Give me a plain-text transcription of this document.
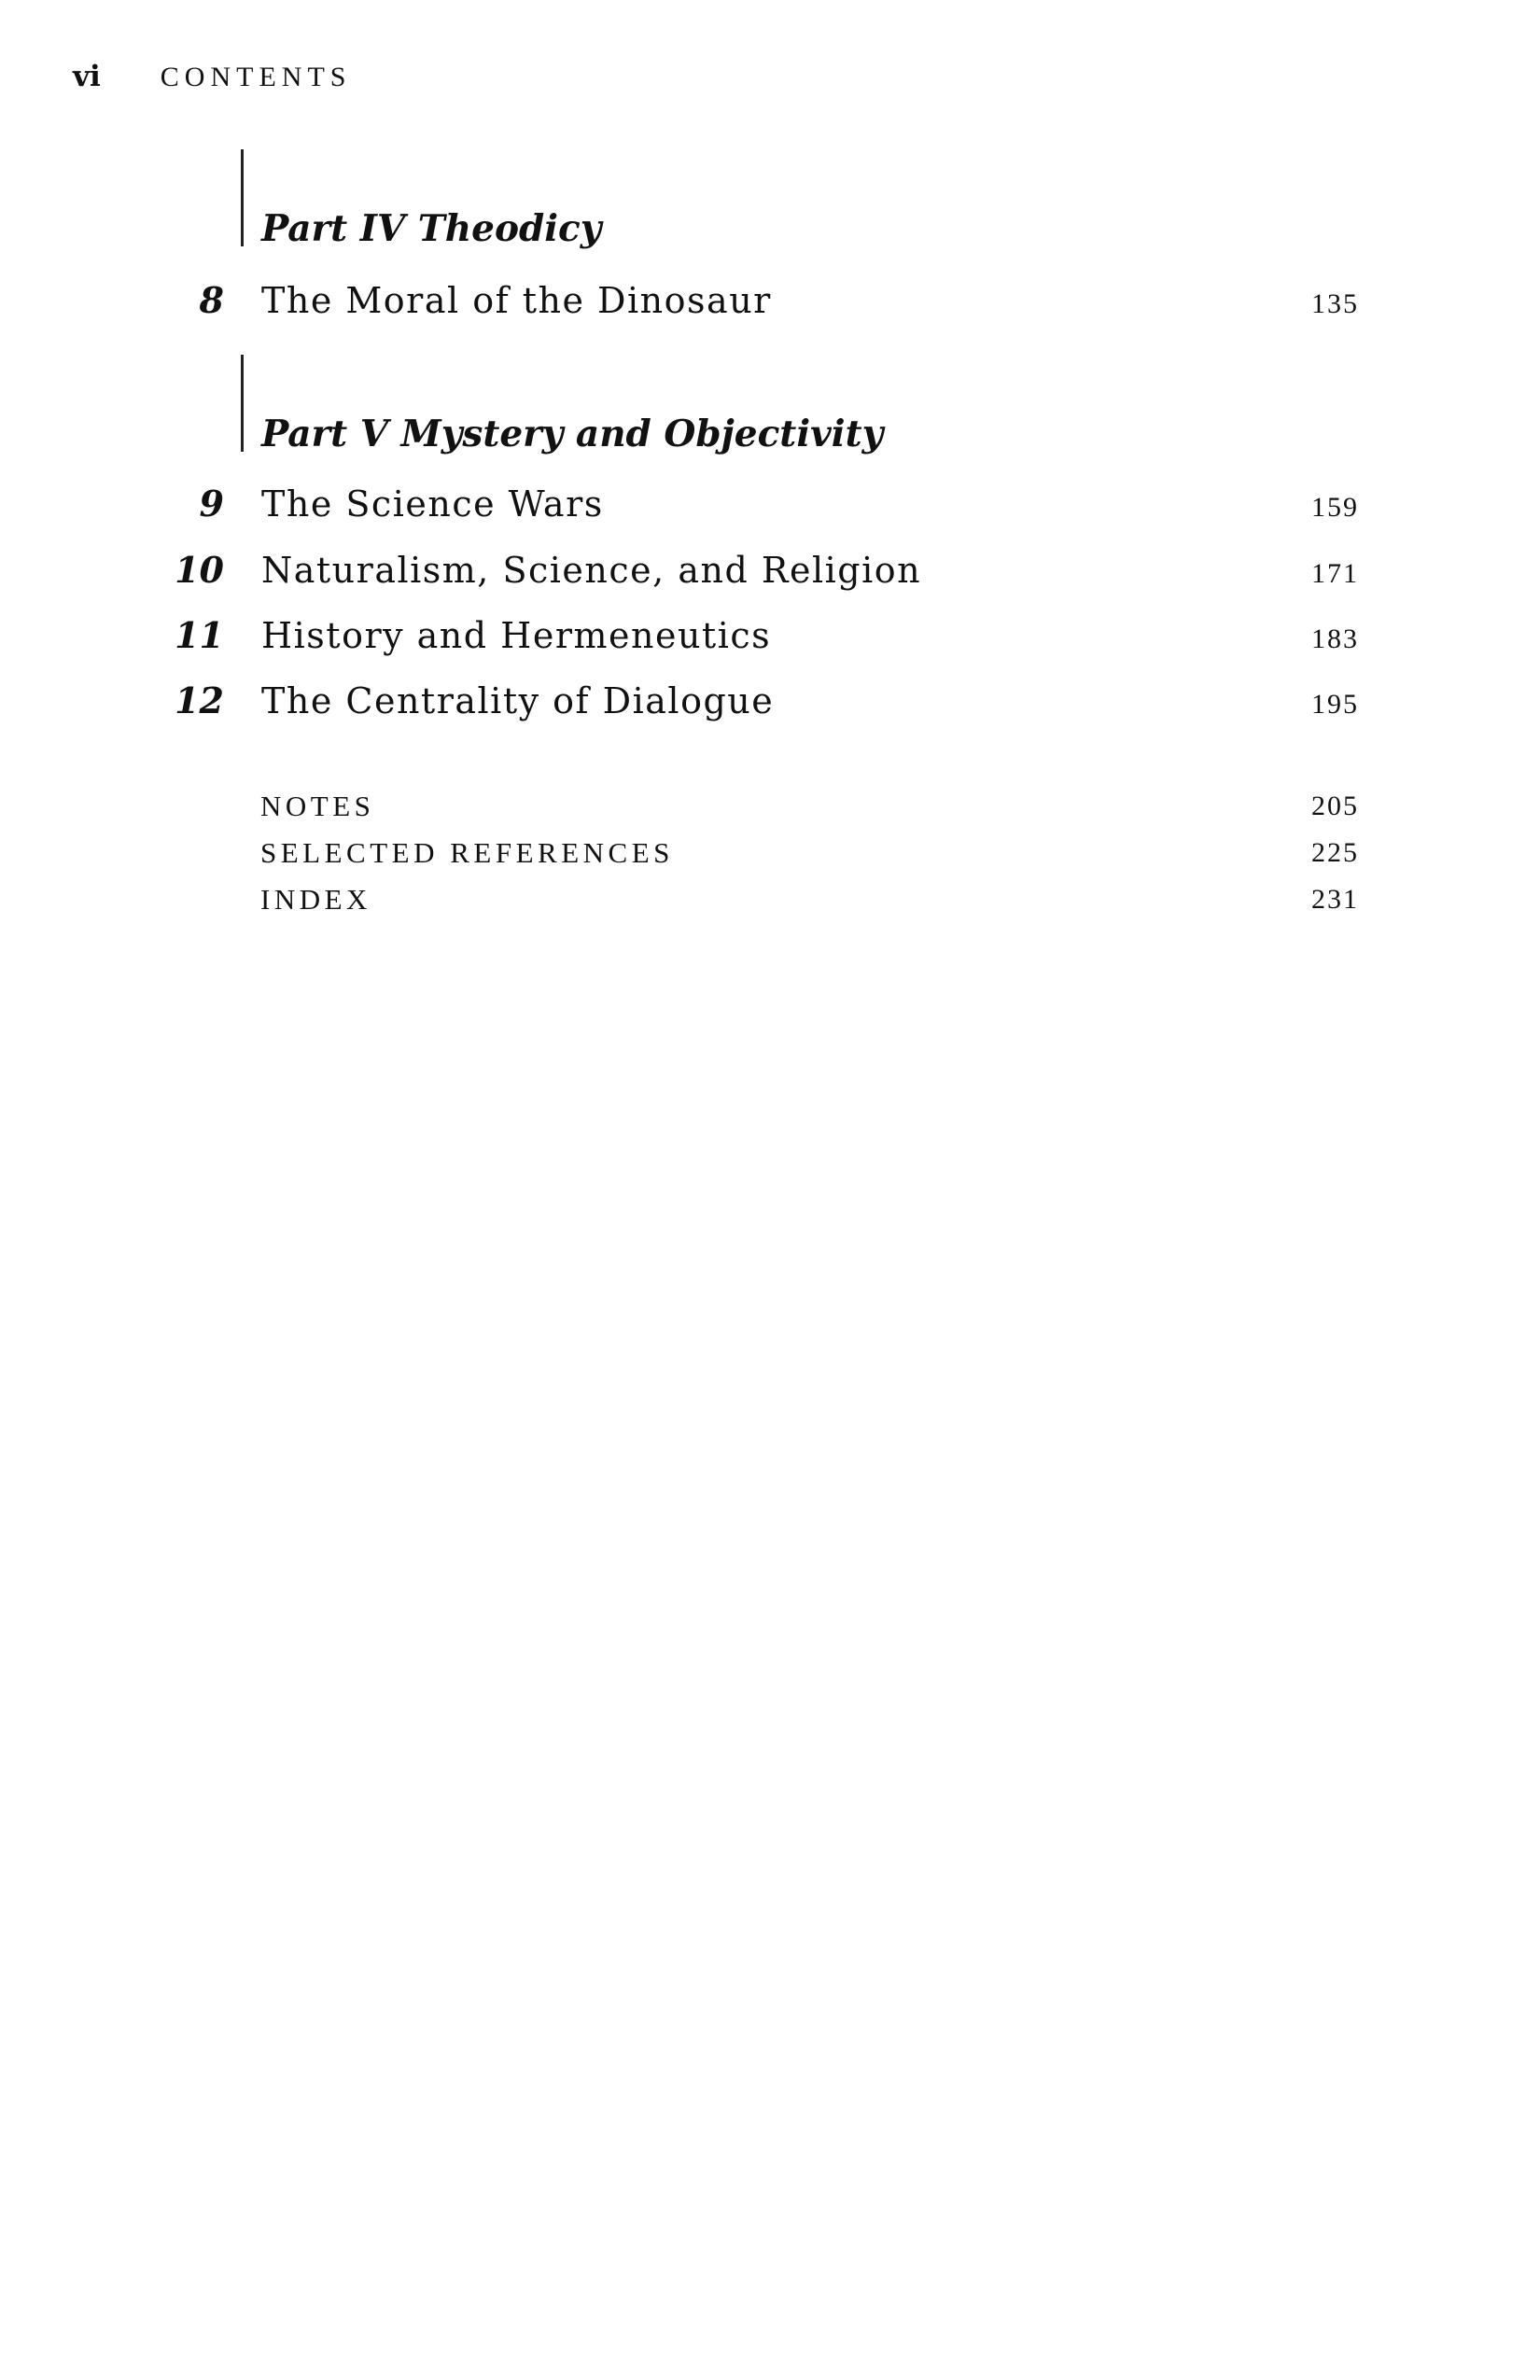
vi CONTENTS
Part IV Theodicy
8 The Moral of the Dinosaur	135
Part V Mystery and Objectivity
9 The Science Wars	159
10 Naturalism, Science, and Religion	171
11 History and Hermeneutics	183
12 The Centrality of Dialogue	195
NOTES	205
SELECTED REFERENCES	225
INDEX	231
